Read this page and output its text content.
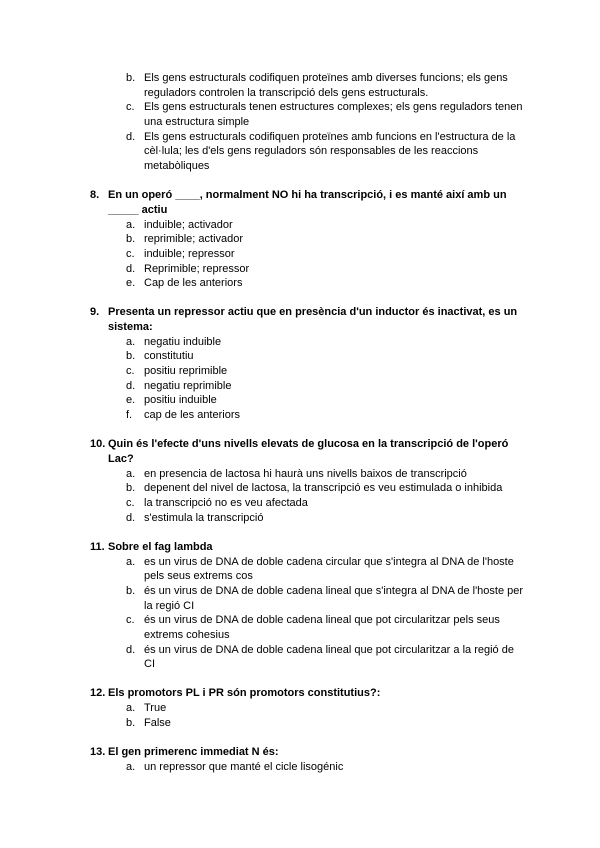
b. Els gens estructurals codifiquen proteïnes amb diverses funcions; els gens reguladors controlen la transcripció dels gens estructurals.
c. Els gens estructurals tenen estructures complexes; els gens reguladors tenen una estructura simple
d. Els gens estructurals codifiquen proteïnes amb funcions en l'estructura de la cèl·lula; les d'els gens reguladors són responsables de les reaccions metabòliques
8. En un operó ____, normalment NO hi ha transcripció, i es manté així amb un _____ actiu
a. induible; activador
b. reprimible; activador
c. induible; repressor
d. Reprimible; repressor
e. Cap de les anteriors
9. Presenta un repressor actiu que en presència d'un inductor és inactivat, es un sistema:
a. negatiu induible
b. constitutiu
c. positiu reprimible
d. negatiu reprimible
e. positiu induible
f.	cap de les anteriors
10. Quin és l'efecte d'uns nivells elevats de glucosa en la transcripció de l'operó Lac?
a. en presencia de lactosa hi haurà uns nivells baixos de transcripció
b. depenent del nivel de lactosa, la transcripció es veu estimulada o inhibida
c. la transcripció no es veu afectada
d. s'estimula la transcripció
11. Sobre el fag lambda
a. es un virus de DNA de doble cadena circular que s'integra al DNA de l'hoste pels seus extrems cos
b. és un virus de DNA de doble cadena lineal que s'integra al DNA de l'hoste per la regió CI
c. és un virus de DNA de doble cadena lineal que pot circularitzar pels seus extrems cohesius
d. és un virus de DNA de doble cadena lineal que pot circularitzar a la regió de CI
12. Els promotors PL i PR són promotors constitutius?:
a. True
b. False
13. El gen primerenc immediat N és:
a. un repressor que manté el cicle lisogénic
